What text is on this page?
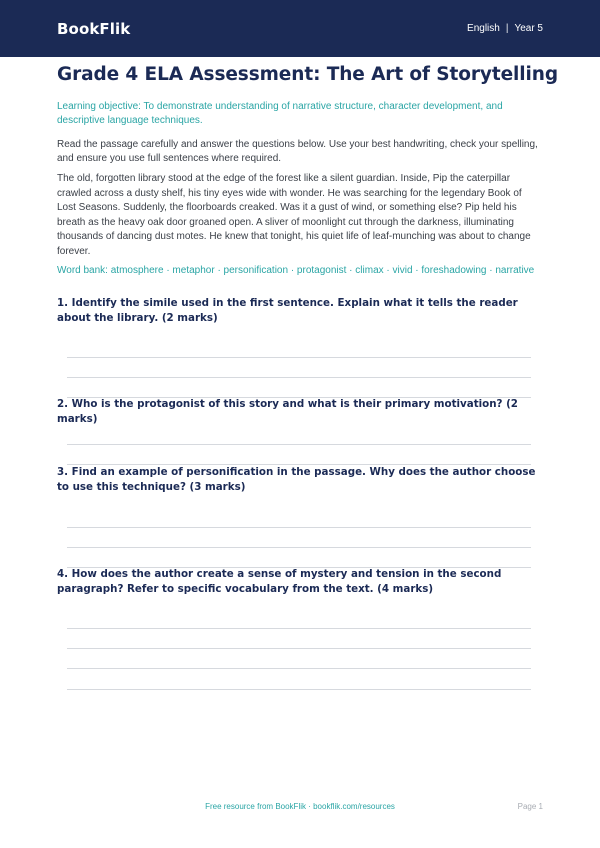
BookFlik	English | Year 5
Grade 4 ELA Assessment: The Art of Storytelling

Learning objective: To demonstrate understanding of narrative structure, character development, and descriptive language techniques.

Read the passage carefully and answer the questions below. Use your best handwriting, check your spelling, and ensure you use full sentences where required.

The old, forgotten library stood at the edge of the forest like a silent guardian. Inside, Pip the caterpillar crawled across a dusty shelf, his tiny eyes wide with wonder. He was searching for the legendary Book of Lost Seasons. Suddenly, the floorboards creaked. Was it a gust of wind, or something else? Pip held his breath as the heavy oak door groaned open. A sliver of moonlight cut through the darkness, illuminating thousands of dancing dust motes. He knew that tonight, his quiet life of leaf-munching was about to change forever.

Word bank: atmosphere · metaphor · personification · protagonist · climax · vivid · foreshadowing · narrative

1. Identify the simile used in the first sentence. Explain what it tells the reader about the library. (2 marks)

2. Who is the protagonist of this story and what is their primary motivation? (2 marks)

3. Find an example of personification in the passage. Why does the author choose to use this technique? (3 marks)

4. How does the author create a sense of mystery and tension in the second paragraph? Refer to specific vocabulary from the text. (4 marks)

Free resource from BookFlik · bookflik.com/resources	Page 1
